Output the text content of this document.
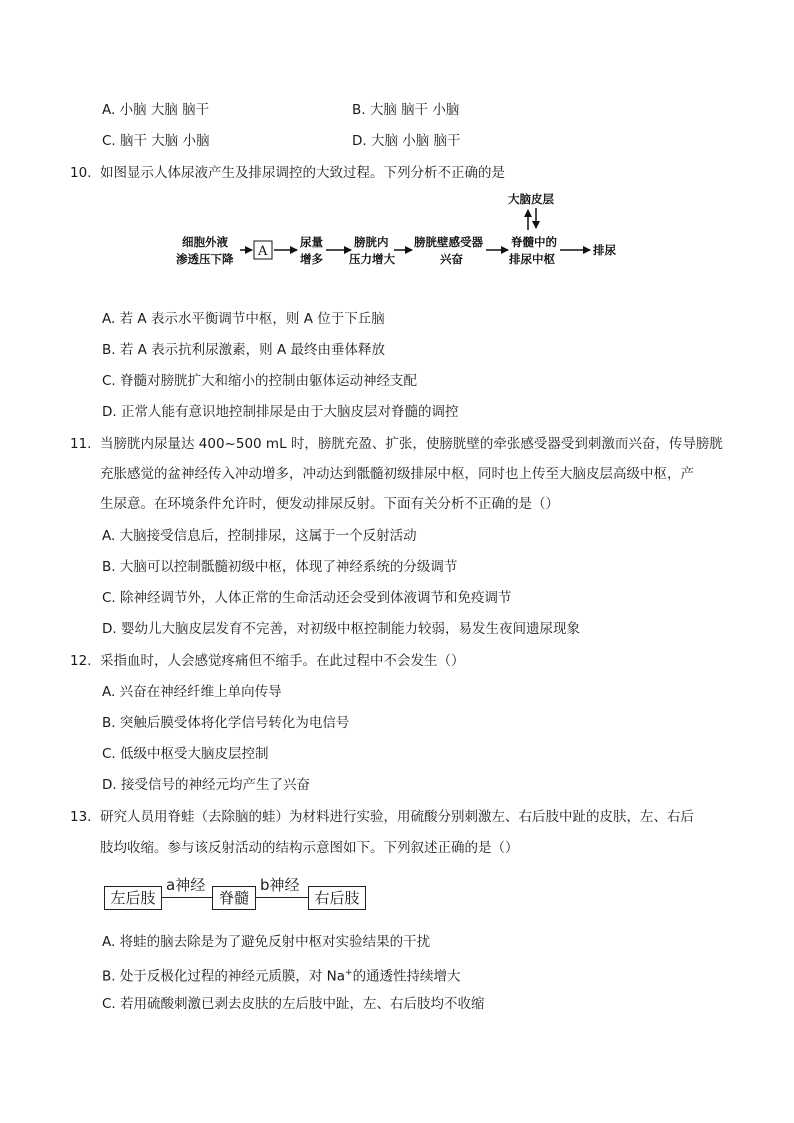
A. 小脑 大脑 脑干	B. 大脑 脑干 小脑
C. 脑干 大脑 小脑	D. 大脑 小脑 脑干
10. 如图显示人体尿液产生及排尿调控的大致过程。下列分析不正确的是
大脑皮层
细胞外液
渗透压下降
尿量
增多
膀胱内
压力增大
膀胱壁感受器
兴奋
脊髓中的
排尿中枢
排尿
A
A. 若 A 表示水平衡调节中枢，则 A 位于下丘脑
B. 若 A 表示抗利尿激素，则 A 最终由垂体释放
C. 脊髓对膀胱扩大和缩小的控制由躯体运动神经支配
D. 正常人能有意识地控制排尿是由于大脑皮层对脊髓的调控
11. 当膀胱内尿量达 400~500 mL 时，膀胱充盈、扩张，使膀胱壁的牵张感受器受到刺激而兴奋，传导膀胱
充胀感觉的盆神经传入冲动增多，冲动达到骶髓初级排尿中枢，同时也上传至大脑皮层高级中枢，产
生尿意。在环境条件允许时，便发动排尿反射。下面有关分析不正确的是（）
A. 大脑接受信息后，控制排尿，这属于一个反射活动
B. 大脑可以控制骶髓初级中枢，体现了神经系统的分级调节
C. 除神经调节外，人体正常的生命活动还会受到体液调节和免疫调节
D. 婴幼儿大脑皮层发育不完善，对初级中枢控制能力较弱，易发生夜间遗尿现象
12. 采指血时，人会感觉疼痛但不缩手。在此过程中不会发生（）
A. 兴奋在神经纤维上单向传导
B. 突触后膜受体将化学信号转化为电信号
C. 低级中枢受大脑皮层控制
D. 接受信号的神经元均产生了兴奋
13. 研究人员用脊蛙（去除脑的蛙）为材料进行实验，用硫酸分别刺激左、右后肢中趾的皮肤，左、右后
肢均收缩。参与该反射活动的结构示意图如下。下列叙述正确的是（）
左后肢
a神经
脊髓
b神经
右后肢
A. 将蛙的脑去除是为了避免反射中枢对实验结果的干扰
B. 处于反极化过程的神经元质膜，对 Na+的通透性持续增大
C. 若用硫酸刺激已剥去皮肤的左后肢中趾，左、右后肢均不收缩
